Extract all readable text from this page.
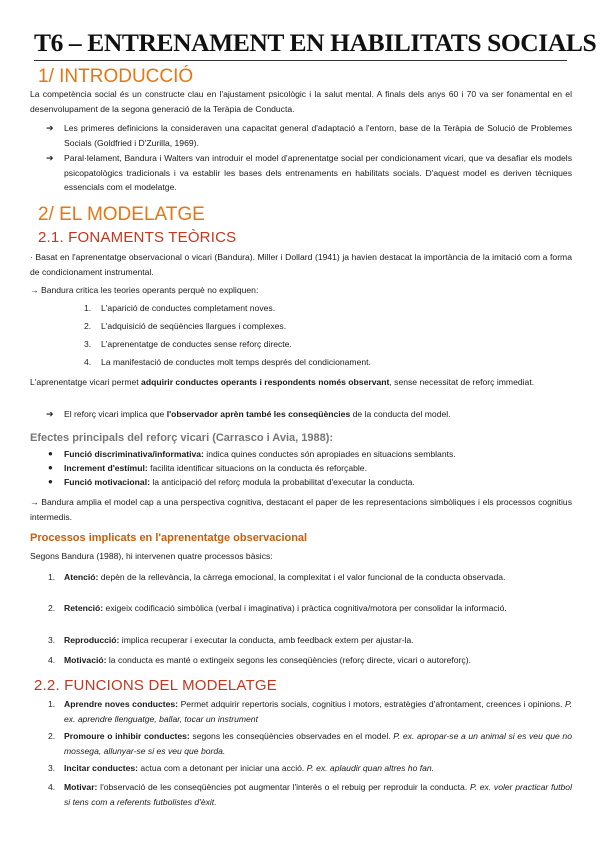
T6 – ENTRENAMENT EN HABILITATS SOCIALS
1/ INTRODUCCIÓ
La competència social és un constructe clau en l'ajustament psicològic i la salut mental. A finals dels anys 60 i 70 va ser fonamental en el desenvolupament de la segona generació de la Teràpia de Conducta.
➔ Les primeres definicions la consideraven una capacitat general d'adaptació a l'entorn, base de la Teràpia de Solució de Problemes Socials (Goldfried i D'Zurilla, 1969).
➔ Paral·lelament, Bandura i Walters van introduir el model d'aprenentatge social per condicionament vicari, que va desafiar els models psicopatològics tradicionals i va establir les bases dels entrenaments en habilitats socials. D'aquest model es deriven tècniques essencials com el modelatge.
2/ EL MODELATGE
2.1. FONAMENTS TEÒRICS
· Basat en l'aprenentatge observacional o vicari (Bandura). Miller i Dollard (1941) ja havien destacat la importància de la imitació com a forma de condicionament instrumental.
→ Bandura critica les teories operants perquè no expliquen:
1. L'aparició de conductes completament noves.
2. L'adquisició de seqüències llargues i complexes.
3. L'aprenentatge de conductes sense reforç directe.
4. La manifestació de conductes molt temps després del condicionament.
L'aprenentatge vicari permet adquirir conductes operants i respondents només observant, sense necessitat de reforç immediat.
➔ El reforç vicari implica que l'observador aprèn també les conseqüències de la conducta del model.
Efectes principals del reforç vicari (Carrasco i Avia, 1988):
● Funció discriminativa/informativa: indica quines conductes són apropiades en situacions semblants.
● Increment d'estímul: facilita identificar situacions on la conducta és reforçable.
● Funció motivacional: la anticipació del reforç modula la probabilitat d'executar la conducta.
→ Bandura amplia el model cap a una perspectiva cognitiva, destacant el paper de les representacions simbòliques i els processos cognitius intermedis.
Processos implicats en l'aprenentatge observacional
Segons Bandura (1988), hi intervenen quatre processos bàsics:
1. Atenció: depèn de la rellevància, la càrrega emocional, la complexitat i el valor funcional de la conducta observada.
2. Retenció: exigeix codificació simbòlica (verbal i imaginativa) i pràctica cognitiva/motora per consolidar la informació.
3. Reproducció: implica recuperar i executar la conducta, amb feedback extern per ajustar-la.
4. Motivació: la conducta es manté o extingeix segons les conseqüències (reforç directe, vicari o autoreforç).
2.2. FUNCIONS DEL MODELATGE
1. Aprendre noves conductes: Permet adquirir repertoris socials, cognitius i motors, estratègies d'afrontament, creences i opinions. P. ex. aprendre llenguatge, ballar, tocar un instrument
2. Promoure o inhibir conductes: segons les conseqüències observades en el model. P. ex. apropar-se a un animal si es veu que no mossega, allunyar-se si es veu que borda.
3. Incitar conductes: actua com a detonant per iniciar una acció. P. ex. aplaudir quan altres ho fan.
4. Motivar: l'observació de les conseqüències pot augmentar l'interès o el rebuig per reproduir la conducta. P. ex. voler practicar futbol si tens com a referents futbolistes d'èxit.
